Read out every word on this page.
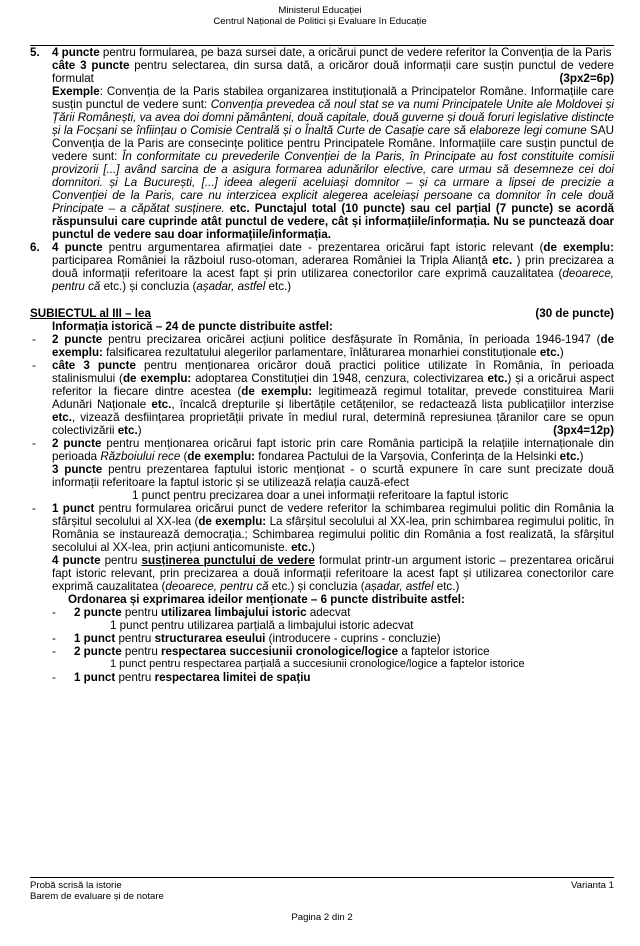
Ministerul Educației
Centrul Național de Politici și Evaluare în Educație
5. 4 puncte pentru formularea, pe baza sursei date, a oricărui punct de vedere referitor la Convenția de la Paris
câte 3 puncte pentru selectarea, din sursa dată, a oricăror două informații care susțin punctul de vedere formulat	(3px2=6p)
Exemple: Convenția de la Paris stabilea organizarea instituțională a Principatelor Române. Informațiile care susțin punctul de vedere sunt: Convenția prevedea că noul stat se va numi Principatele Unite ale Moldovei și Țării Românești, va avea doi domni pământeni, două capitale, două guverne și două foruri legislative distincte și la Focșani se înființau o Comisie Centrală și o Înaltă Curte de Casație care să elaboreze legi comune SAU Convenția de la Paris are consecințe politice pentru Principatele Române. Informațiile care susțin punctul de vedere sunt: În conformitate cu prevederile Convenției de la Paris, în Principate au fost constituite comisii provizorii [...] având sarcina de a asigura formarea adunărilor elective, care urmau să desemneze cei doi domnitori. și La București, [...] ideea alegerii aceluiași domnitor – și ca urmare a lipsei de precizie a Convenției de la Paris, care nu interzicea explicit alegerea aceleiași persoane ca domnitor în cele două Principate – a căpătat susținere. etc. Punctajul total (10 puncte) sau cel parțial (7 puncte) se acordă răspunsului care cuprinde atât punctul de vedere, cât și informațiile/informația. Nu se punctează doar punctul de vedere sau doar informațiile/informația.
6. 4 puncte pentru argumentarea afirmației date - prezentarea oricărui fapt istoric relevant (de exemplu: participarea României la războiul ruso-otoman, aderarea României la Tripla Alianță etc. ) prin precizarea a două informații referitoare la acest fapt și prin utilizarea conectorilor care exprimă cauzalitatea (deoarece, pentru că etc.) și concluzia (așadar, astfel etc.)
SUBIECTUL al III – lea	(30 de puncte)
Informația istorică – 24 de puncte distribuite astfel:
- 2 puncte pentru precizarea oricărei acțiuni politice desfășurate în România, în perioada 1946-1947 (de exemplu: falsificarea rezultatului alegerilor parlamentare, înlăturarea monarhiei constituționale etc.)
- câte 3 puncte pentru menționarea oricăror două practici politice utilizate în România, în perioada stalinismului (de exemplu: adoptarea Constituției din 1948, cenzura, colectivizarea etc.) și a oricărui aspect referitor la fiecare dintre acestea (de exemplu: legitimează regimul totalitar, prevede constituirea Marii Adunări Naționale etc., încalcă drepturile și libertățile cetățenilor, se redactează lista publicațiilor interzise etc., vizează desființarea proprietății private în mediul rural, determină represiunea țăranilor care se opun colectivizării etc.)	(3px4=12p)
- 2 puncte pentru menționarea oricărui fapt istoric prin care România participă la relațiile internaționale din perioada Războiului rece (de exemplu: fondarea Pactului de la Varșovia, Conferința de la Helsinki etc.)
3 puncte pentru prezentarea faptului istoric menționat - o scurtă expunere în care sunt precizate două informații referitoare la faptul istoric și se utilizează relația cauză-efect
1 punct pentru precizarea doar a unei informații referitoare la faptul istoric
- 1 punct pentru formularea oricărui punct de vedere referitor la schimbarea regimului politic din România la sfârșitul secolului al XX-lea (de exemplu: La sfârșitul secolului al XX-lea, prin schimbarea regimului politic, în România se instaurează democrația.; Schimbarea regimului politic din România a fost realizată, la sfârșitul secolului al XX-lea, prin acțiuni anticomuniste. etc.)
4 puncte pentru susținerea punctului de vedere formulat printr-un argument istoric – prezentarea oricărui fapt istoric relevant, prin precizarea a două informații referitoare la acest fapt și utilizarea conectorilor care exprimă cauzalitatea (deoarece, pentru că etc.) și concluzia (așadar, astfel etc.)
Ordonarea și exprimarea ideilor menționate – 6 puncte distribuite astfel:
- 2 puncte pentru utilizarea limbajului istoric adecvat
1 punct pentru utilizarea parțială a limbajului istoric adecvat
- 1 punct pentru structurarea eseului (introducere - cuprins - concluzie)
- 2 puncte pentru respectarea succesiunii cronologice/logice a faptelor istorice
1 punct pentru respectarea parțială a succesiunii cronologice/logice a faptelor istorice
- 1 punct pentru respectarea limitei de spațiu
Probă scrisă la istorie	Varianta 1
Barem de evaluare și de notare
Pagina 2 din 2
